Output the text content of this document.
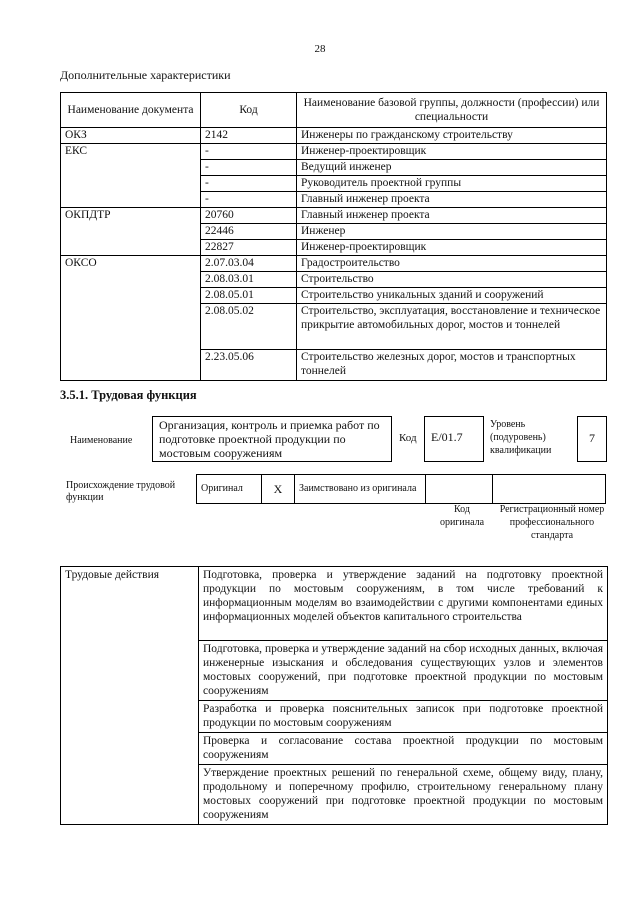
28
Дополнительные характеристики
Наименование документа	Код	Наименование базовой группы, должности (профессии) или специальности
ОКЗ	2142	Инженеры по гражданскому строительству
ЕКС	-	Инженер-проектировщик
	-	Ведущий инженер
	-	Руководитель проектной группы
	-	Главный инженер проекта
ОКПДТР	20760	Главный инженер проекта
	22446	Инженер
	22827	Инженер-проектировщик
ОКСО	2.07.03.04	Градостроительство
	2.08.03.01	Строительство
	2.08.05.01	Строительство уникальных зданий и сооружений
	2.08.05.02	Строительство, эксплуатация, восстановление и техническое прикрытие автомобильных дорог, мостов и тоннелей
	2.23.05.06	Строительство железных дорог, мостов и транспортных тоннелей
3.5.1. Трудовая функция
Наименование
Организация, контроль и приемка работ по подготовке проектной продукции по мостовым сооружениям
Код	E/01.7
Уровень (подуровень) квалификации
7
Происхождение трудовой функции
Оригинал	X	Заимствовано из оригинала		
Код оригинала
Регистрационный номер профессионального стандарта
Трудовые действия	Подготовка, проверка и утверждение заданий на подготовку проектной продукции по мостовым сооружениям, в том числе требований к информационным моделям во взаимодействии с другими компонентами единых информационных моделей объектов капитального строительства
Подготовка, проверка и утверждение заданий на сбор исходных данных, включая инженерные изыскания и обследования существующих узлов и элементов мостовых сооружений, при подготовке проектной продукции по мостовым сооружениям
Разработка и проверка пояснительных записок при подготовке проектной продукции по мостовым сооружениям
Проверка и согласование состава проектной продукции по мостовым сооружениям
Утверждение проектных решений по генеральной схеме, общему виду, плану, продольному и поперечному профилю, строительному генеральному плану мостовых сооружений при подготовке проектной продукции по мостовым сооружениям
